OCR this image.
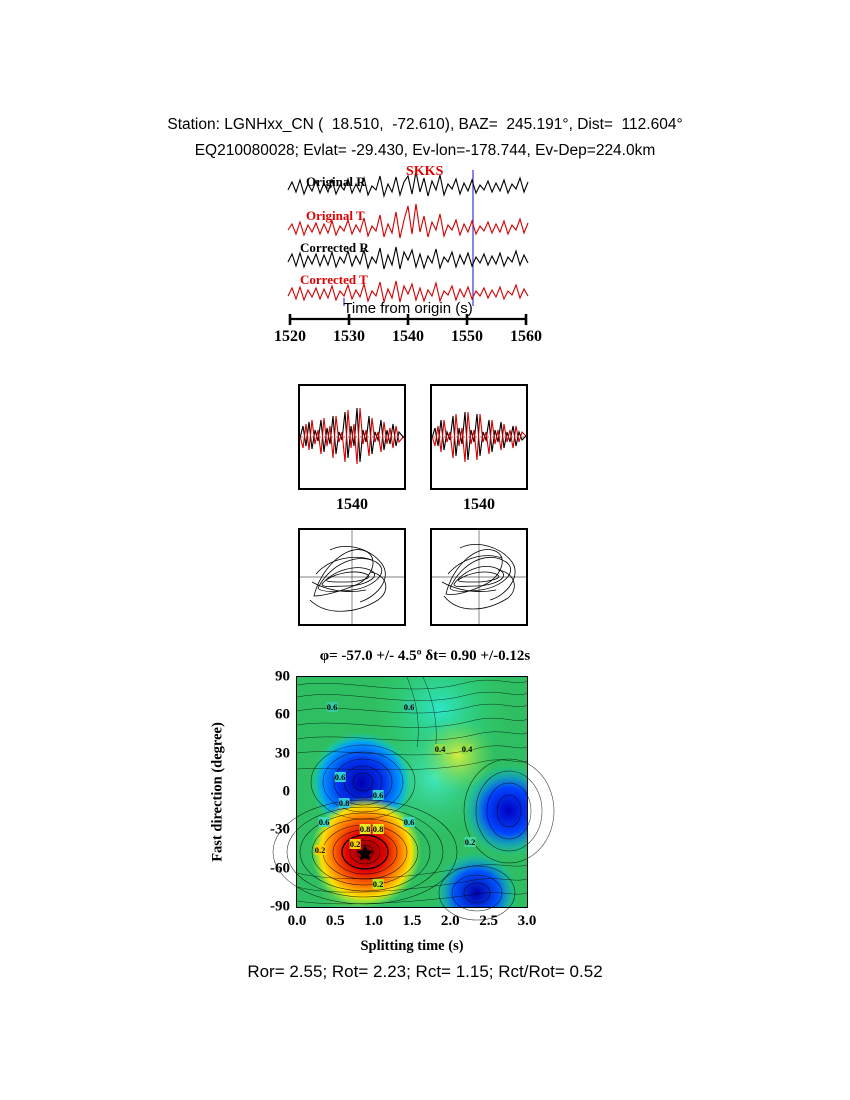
Station: LGNHxx_CN (  18.510,  -72.610), BAZ=  245.191°, Dist=  112.604°
EQ210080028; Evlat= -29.430, Ev-lon=-178.744, Ev-Dep=224.0km
SKKS
Original R
Original T
Corrected R
Corrected T
Time from origin (s)
1520 1530 1540 1550 1560
1540	1540
φ= -57.0 +/- 4.5º δt= 0.90 +/-0.12s
0.6	0.6
0.4 0.4
0.6
0.6
0.8
0.6	0.6
0.8 0.8
0.2
0.2	0.2
0.2
90
60
30
0
-30
-60
-90
0.0 0.5 1.0 1.5 2.0 2.5 3.0
Fast direction (degree)
Splitting time (s)
Ror= 2.55; Rot= 2.23; Rct= 1.15; Rct/Rot= 0.52
